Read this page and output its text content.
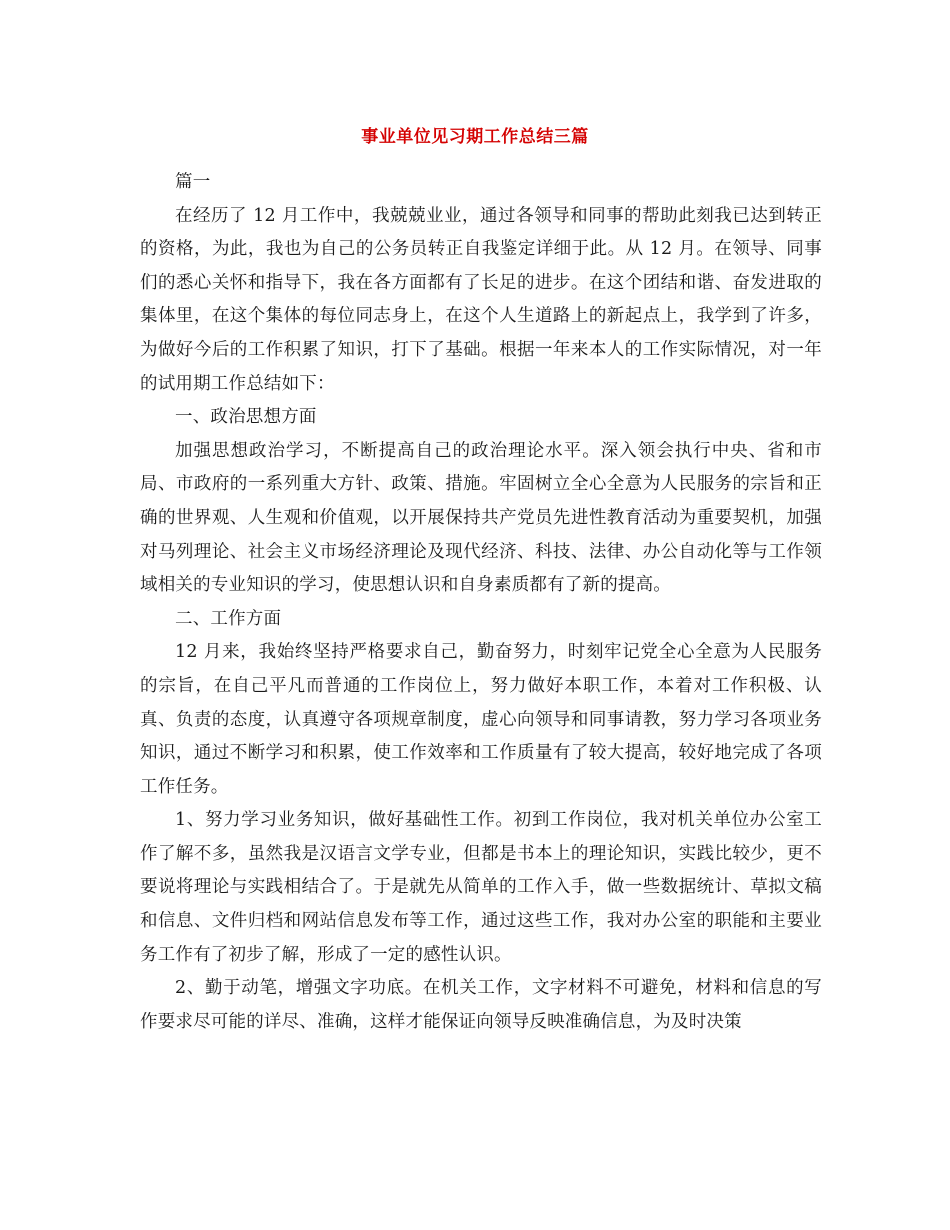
事业单位见习期工作总结三篇

篇一

在经历了 12 月工作中，我兢兢业业，通过各领导和同事的帮助此刻我已达到转正的资格，为此，我也为自己的公务员转正自我鉴定详细于此。从 12 月。在领导、同事们的悉心关怀和指导下，我在各方面都有了长足的进步。在这个团结和谐、奋发进取的集体里，在这个集体的每位同志身上，在这个人生道路上的新起点上，我学到了许多，为做好今后的工作积累了知识，打下了基础。根据一年来本人的工作实际情况，对一年的试用期工作总结如下：

一、政治思想方面

加强思想政治学习，不断提高自己的政治理论水平。深入领会执行中央、省和市局、市政府的一系列重大方针、政策、措施。牢固树立全心全意为人民服务的宗旨和正确的世界观、人生观和价值观，以开展保持共产党员先进性教育活动为重要契机，加强对马列理论、社会主义市场经济理论及现代经济、科技、法律、办公自动化等与工作领域相关的专业知识的学习，使思想认识和自身素质都有了新的提高。

二、工作方面

12 月来，我始终坚持严格要求自己，勤奋努力，时刻牢记党全心全意为人民服务的宗旨，在自己平凡而普通的工作岗位上，努力做好本职工作，本着对工作积极、认真、负责的态度，认真遵守各项规章制度，虚心向领导和同事请教，努力学习各项业务知识，通过不断学习和积累，使工作效率和工作质量有了较大提高，较好地完成了各项工作任务。

1、努力学习业务知识，做好基础性工作。初到工作岗位，我对机关单位办公室工作了解不多，虽然我是汉语言文学专业，但都是书本上的理论知识，实践比较少，更不要说将理论与实践相结合了。于是就先从简单的工作入手，做一些数据统计、草拟文稿和信息、文件归档和网站信息发布等工作，通过这些工作，我对办公室的职能和主要业务工作有了初步了解，形成了一定的感性认识。

2、勤于动笔，增强文字功底。在机关工作，文字材料不可避免，材料和信息的写作要求尽可能的详尽、准确，这样才能保证向领导反映准确信息，为及时决策
